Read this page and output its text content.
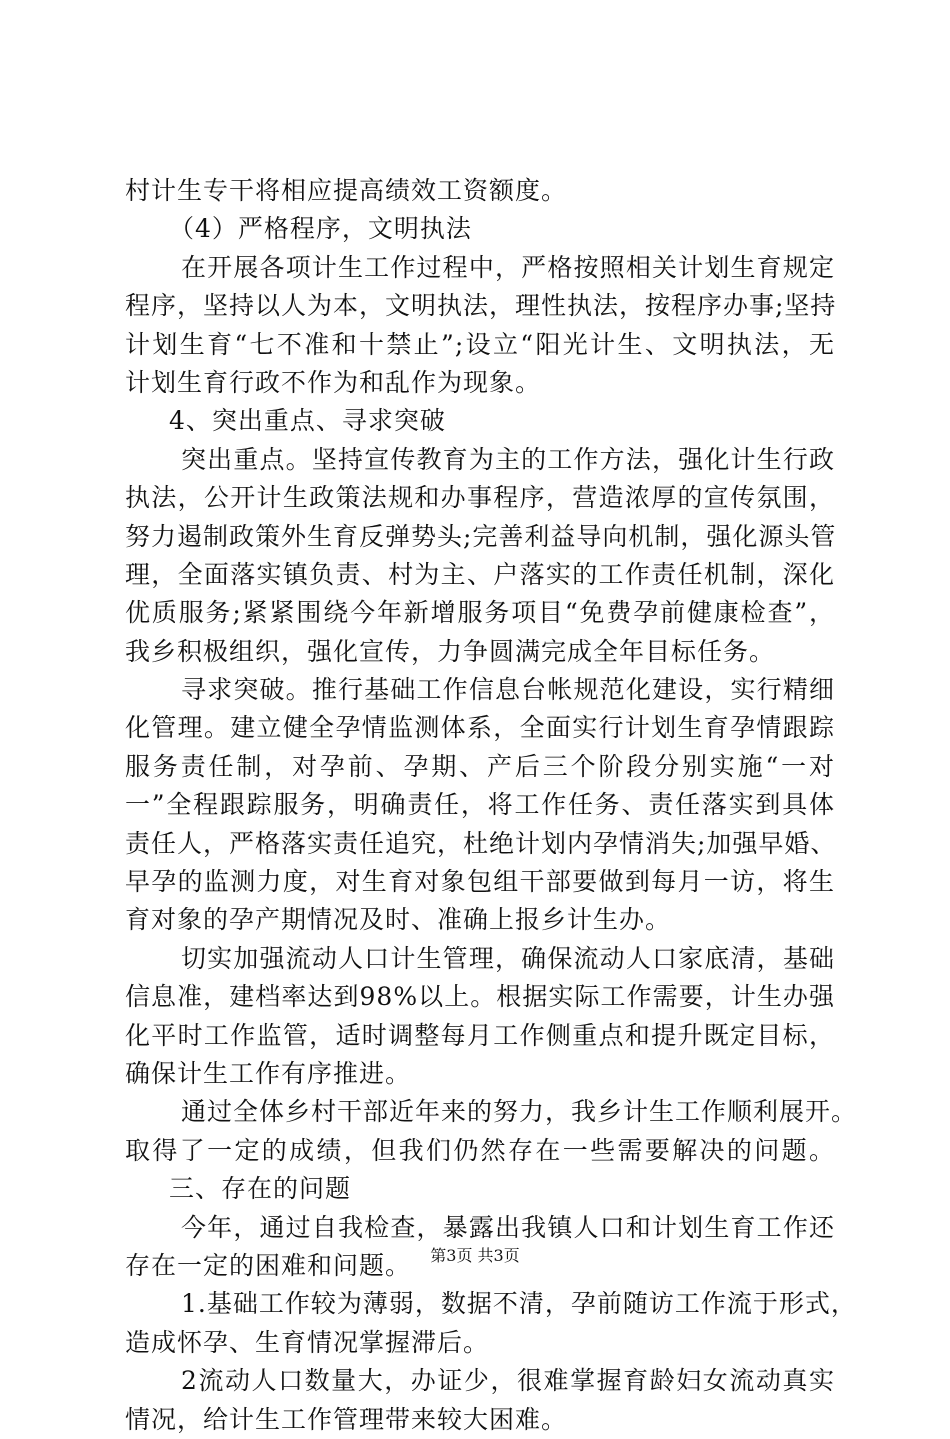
村计生专干将相应提高绩效工资额度。
（4）严格程序，文明执法
在开展各项计生工作过程中，严格按照相关计划生育规定
程序，坚持以人为本，文明执法，理性执法，按程序办事;坚持
计划生育“七不准和十禁止”;设立“阳光计生、文明执法，无
计划生育行政不作为和乱作为现象。
4、突出重点、寻求突破
突出重点。坚持宣传教育为主的工作方法，强化计生行政
执法，公开计生政策法规和办事程序，营造浓厚的宣传氛围，
努力遏制政策外生育反弹势头;完善利益导向机制，强化源头管
理，全面落实镇负责、村为主、户落实的工作责任机制，深化
优质服务;紧紧围绕今年新增服务项目“免费孕前健康检查”，
我乡积极组织，强化宣传，力争圆满完成全年目标任务。
寻求突破。推行基础工作信息台帐规范化建设，实行精细
化管理。建立健全孕情监测体系，全面实行计划生育孕情跟踪
服务责任制，对孕前、孕期、产后三个阶段分别实施“一对
一”全程跟踪服务，明确责任，将工作任务、责任落实到具体
责任人，严格落实责任追究，杜绝计划内孕情消失;加强早婚、
早孕的监测力度，对生育对象包组干部要做到每月一访，将生
育对象的孕产期情况及时、准确上报乡计生办。
切实加强流动人口计生管理，确保流动人口家底清，基础
信息准，建档率达到98%以上。根据实际工作需要，计生办强
化平时工作监管，适时调整每月工作侧重点和提升既定目标，
确保计生工作有序推进。
通过全体乡村干部近年来的努力，我乡计生工作顺利展开。
取得了一定的成绩，但我们仍然存在一些需要解决的问题。
三、存在的问题
今年，通过自我检查，暴露出我镇人口和计划生育工作还
存在一定的困难和问题。
1.基础工作较为薄弱，数据不清，孕前随访工作流于形式，
造成怀孕、生育情况掌握滞后。
2流动人口数量大，办证少，很难掌握育龄妇女流动真实
情况，给计生工作管理带来较大困难。
第3页 共3页
